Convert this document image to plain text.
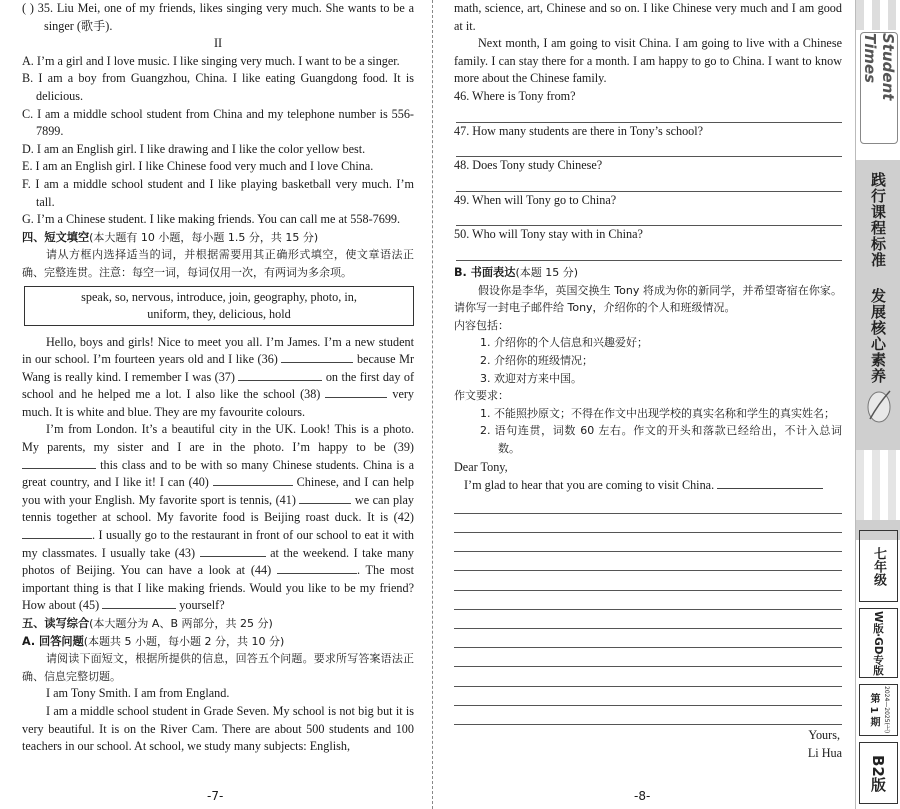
( ) 35. Liu Mei, one of my friends, likes singing very much. She wants to be a singer (歌手).

II

A. I’m a girl and I love music. I like singing very much. I want to be a singer.

B. I am a boy from Guangzhou, China. I like eating Guangdong food. It is delicious.

C. I am a middle school student from China and my telephone number is 556-7899.

D. I am an English girl. I like drawing and I like the color yellow best.

E. I am an English girl. I like Chinese food very much and I love China.

F. I am a middle school student and I like playing basketball very much. I’m tall.

G. I’m a Chinese student. I like making friends. You can call me at 558-7699.

四、短文填空(本大题有 10 小题，每小题 1.5 分，共 15 分)

请从方框内选择适当的词，并根据需要用其正确形式填空，使文章语法正确、完整连贯。注意：每空一词，每词仅用一次，有两词为多余项。

speak, so, nervous, introduce, join, geography, photo, in,
uniform, they, delicious, hold

Hello, boys and girls! Nice to meet you all. I’m James. I’m a new student in our school. I’m fourteen years old and I like (36)	because Mr Wang is really kind. I remember I was (37)	on the first day of school and he helped me a lot. I also like the school (38)	very much. It is white and blue. They are my favourite colours.

I’m from London. It’s a beautiful city in the UK. Look! This is a photo. My parents, my sister and I are in the photo. I’m happy to be (39)  this class and to be with so many Chinese students. China is a great country, and I like it! I can (40)	Chinese, and I can help you with your English. My favorite sport is tennis, (41)	we can play tennis together at school. My favorite food is Beijing roast duck. It is (42) . I usually go to the restaurant in front of our school to eat it with my classmates. I usually take (43)	at the weekend. I take many photos of Beijing. You can have a look at (44)	. The most important thing is that I like making friends. Would you like to be my friend? How about (45)	yourself?

五、读写综合(本大题分为 A、B 两部分，共 25 分)

A. 回答问题(本题共 5 小题，每小题 2 分，共 10 分)

请阅读下面短文，根据所提供的信息，回答五个问题。要求所写答案语法正确、信息完整切题。

I am Tony Smith. I am from England.

I am a middle school student in Grade Seven. My school is not big but it is very beautiful. It is on the River Cam. There are about 500 students and 100 teachers in our school. At school, we study many subjects: English,

-7-

math, science, art, Chinese and so on. I like Chinese very much and I am good at it.

Next month, I am going to visit China. I am going to live with a Chinese family. I can stay there for a month. I am happy to go to China. I want to know more about the Chinese family.

46. Where is Tony from?

47. How many students are there in Tony’s school?

48. Does Tony study Chinese?

49. When will Tony go to China?

50. Who will Tony stay with in China?

B. 书面表达(本题 15 分)

假设你是李华，英国交换生 Tony 将成为你的新同学，并希望寄宿在你家。请你写一封电子邮件给 Tony，介绍你的个人和班级情况。

内容包括：

1. 介绍你的个人信息和兴趣爱好；

2. 介绍你的班级情况；

3. 欢迎对方来中国。

作文要求：

1. 不能照抄原文；不得在作文中出现学校的真实名称和学生的真实姓名；

2. 语句连贯，词数 60 左右。作文的开头和落款已经给出，不计入总词数。

Dear Tony,

I’m glad to hear that you are coming to visit China.

Yours,

Li Hua

-8-
Student Times
践行课程标准
发展核心素养
七年级
W版·GD专版
第 1 期 2024—2025(上)
B2版
